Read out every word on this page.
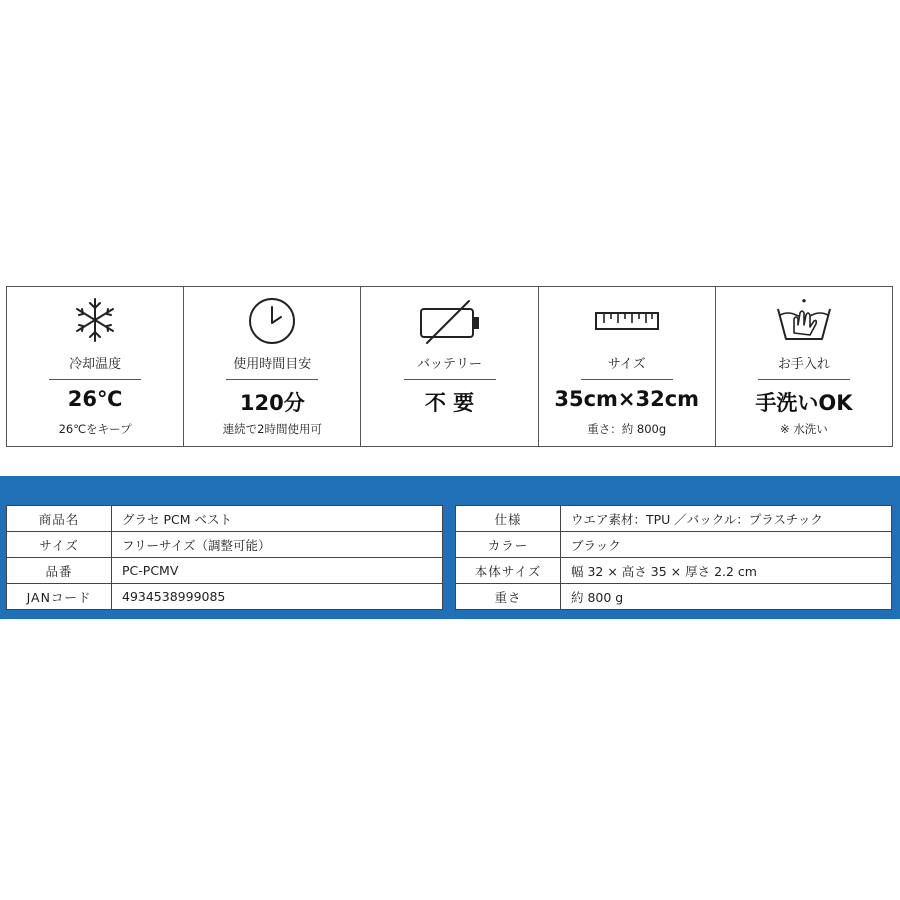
冷却温度
26℃
26℃をキープ
使用時間目安
120分
連続で2時間使用可
バッテリー
不 要
サイズ
35cm×32cm
重さ：約 800g
お手入れ
手洗いOK
※ 水洗い
商品名	グラセ PCM ベスト
サイズ	フリーサイズ（調整可能）
品番	PC-PCMV
JANコード	4934538999085
仕様	ウエア素材：TPU ／バックル：プラスチック
カラー	ブラック
本体サイズ	幅 32 × 高さ 35 × 厚さ 2.2 cm
重さ	約 800 g
